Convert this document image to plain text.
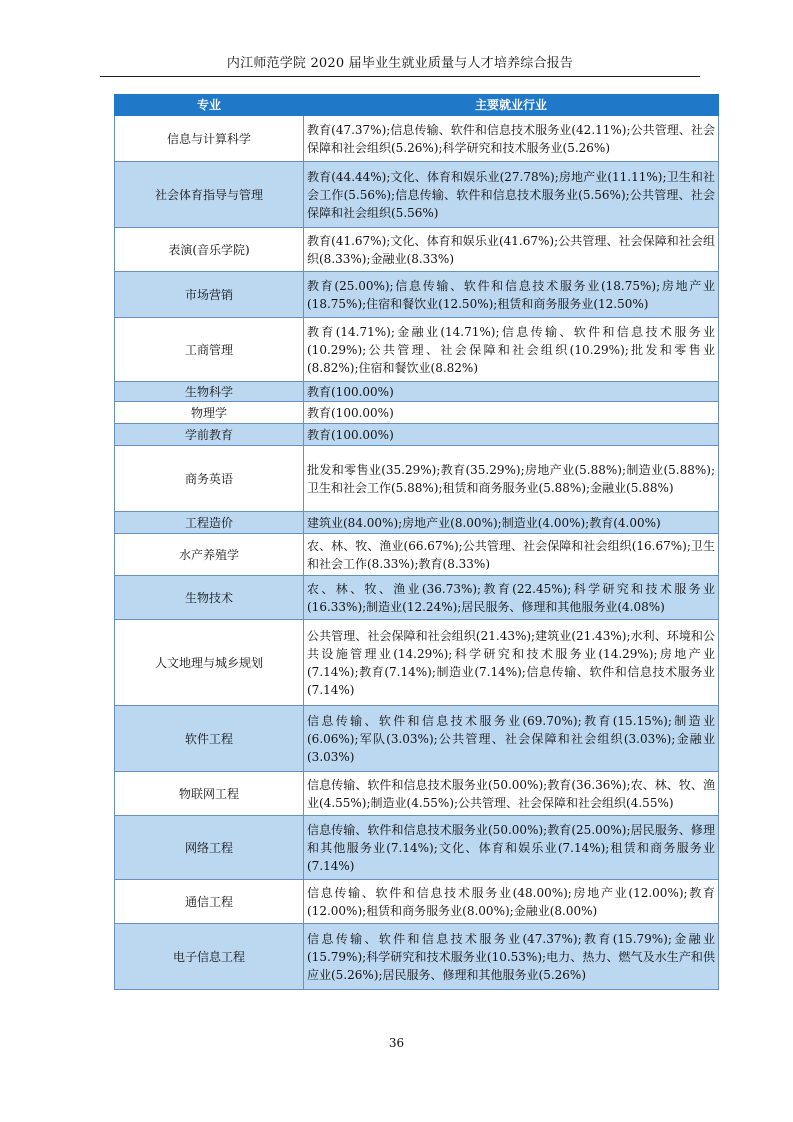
内江师范学院 2020 届毕业生就业质量与人才培养综合报告
专业	主要就业行业
信息与计算科学	教育(47.37%);信息传输、软件和信息技术服务业(42.11%);公共管理、社会保障和社会组织(5.26%);科学研究和技术服务业(5.26%)
社会体育指导与管理	教育(44.44%);文化、体育和娱乐业(27.78%);房地产业(11.11%);卫生和社会工作(5.56%);信息传输、软件和信息技术服务业(5.56%);公共管理、社会保障和社会组织(5.56%)
表演(音乐学院)	教育(41.67%);文化、体育和娱乐业(41.67%);公共管理、社会保障和社会组织(8.33%);金融业(8.33%)
市场营销	教育(25.00%);信息传输、软件和信息技术服务业(18.75%);房地产业(18.75%);住宿和餐饮业(12.50%);租赁和商务服务业(12.50%)
工商管理	教育(14.71%);金融业(14.71%);信息传输、软件和信息技术服务业(10.29%);公共管理、社会保障和社会组织(10.29%);批发和零售业(8.82%);住宿和餐饮业(8.82%)
生物科学	教育(100.00%)
物理学	教育(100.00%)
学前教育	教育(100.00%)
商务英语	批发和零售业(35.29%);教育(35.29%);房地产业(5.88%);制造业(5.88%);卫生和社会工作(5.88%);租赁和商务服务业(5.88%);金融业(5.88%)
工程造价	建筑业(84.00%);房地产业(8.00%);制造业(4.00%);教育(4.00%)
水产养殖学	农、林、牧、渔业(66.67%);公共管理、社会保障和社会组织(16.67%);卫生和社会工作(8.33%);教育(8.33%)
生物技术	农、林、牧、渔业(36.73%);教育(22.45%);科学研究和技术服务业(16.33%);制造业(12.24%);居民服务、修理和其他服务业(4.08%)
人文地理与城乡规划	公共管理、社会保障和社会组织(21.43%);建筑业(21.43%);水利、环境和公共设施管理业(14.29%);科学研究和技术服务业(14.29%);房地产业(7.14%);教育(7.14%);制造业(7.14%);信息传输、软件和信息技术服务业(7.14%)
软件工程	信息传输、软件和信息技术服务业(69.70%);教育(15.15%);制造业(6.06%);军队(3.03%);公共管理、社会保障和社会组织(3.03%);金融业(3.03%)
物联网工程	信息传输、软件和信息技术服务业(50.00%);教育(36.36%);农、林、牧、渔业(4.55%);制造业(4.55%);公共管理、社会保障和社会组织(4.55%)
网络工程	信息传输、软件和信息技术服务业(50.00%);教育(25.00%);居民服务、修理和其他服务业(7.14%);文化、体育和娱乐业(7.14%);租赁和商务服务业(7.14%)
通信工程	信息传输、软件和信息技术服务业(48.00%);房地产业(12.00%);教育(12.00%);租赁和商务服务业(8.00%);金融业(8.00%)
电子信息工程	信息传输、软件和信息技术服务业(47.37%);教育(15.79%);金融业(15.79%);科学研究和技术服务业(10.53%);电力、热力、燃气及水生产和供应业(5.26%);居民服务、修理和其他服务业(5.26%)
36
